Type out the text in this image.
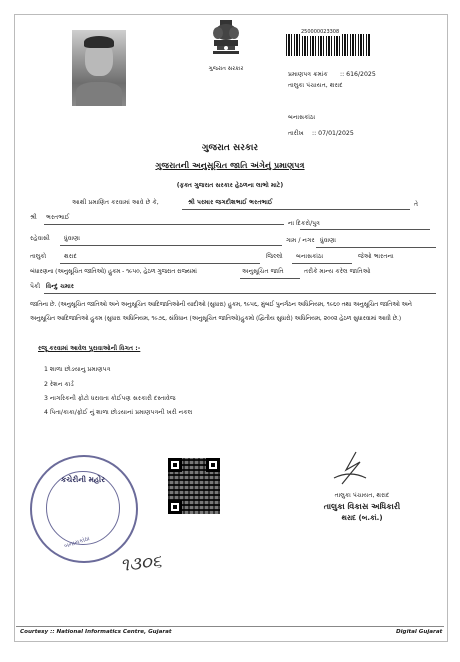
ગુજરાત સરકાર
250000023308
પ્રમાણપત્ર ક્રમાંક :: 616/2025
તાલુકા પંચાયત, થરાદ
બનાસકાંઠા
તારીખ :: 07/01/2025
ગુજરાત સરકાર
ગુજરાતની અનુસૂચિત જાતિ અંગેનું પ્રમાણપત્ર
(ફક્ત ગુજરાત સરકાર હેઠળના લાભો માટે)
આથી પ્રમાણિત કરવામાં આવે છે કે,	શ્રી પરમાર જગદીશભાઈ ભરતભાઈ	તે
શ્રી ભરતભાઈ
ના દિકરો/પુત્ર
રહેવાસી ધુંવાણા	ગામ / નગર ધુંવાણા
તાલુકો	થરાદ	જિલ્લો બનાસકાંઠા	જેઓ ભારતના
બંધારણના (અનુસૂચિત જાતિઓ) હુકમ - ૧૯૫૦, હેઠળ ગુજરાત રાજ્યમાં	અનુસૂચિત જાતિ	તરીકે માન્ય કરેલ જાતિઓ
પૈકી વિન્દુ ચમાર
જાતિના છે. (અનુસૂચિત જાતિઓ અને અનુસૂચિત આદિજાતિઓની યાદીઓ (સુધારા) હુકમ, ૧૯૫૬, મુંબઈ પુનર્ગઠન અધિનિયમ, ૧૯૬૦ તથા અનુસૂચિત જાતિઓ અને અનુસૂચિત આદિજાતિઓ હુકમ (સુધારા અધિનિયમ, ૧૯૭૬, સંવિધાન (અનુસૂચિત જાતિઓ)હુકમો (દ્વિતીય સુધારો) અધિનિયમ, ૨૦૦૨ હેઠળ સુધારવામાં આવી છે.)
રજૂ કરવામાં આવેલ પુરાવાઓની વિગત :-
1 શાળા છોડયાનુ પ્રમાણપત્ર
2 રેશન કાર્ડ
3 નાગરિકની ફોટો ધરાવતા કોઈપણ સરકારી દસ્તાવેજ
4 પિતા/કાકા/ફોઈ નું શાળા છોડયાનાં પ્રમાણપત્રની ખરી નકલ
કચેરીની મહોર
બનાસકાંઠા
૧૩૦૬
તાલુકા પંચાયત, થરાદ
તાલુકા વિકાસ અધિકારી
થરાદ (બ.કાં.)
Courtesy :: National Informatics Centre, Gujarat	Digital Gujarat
